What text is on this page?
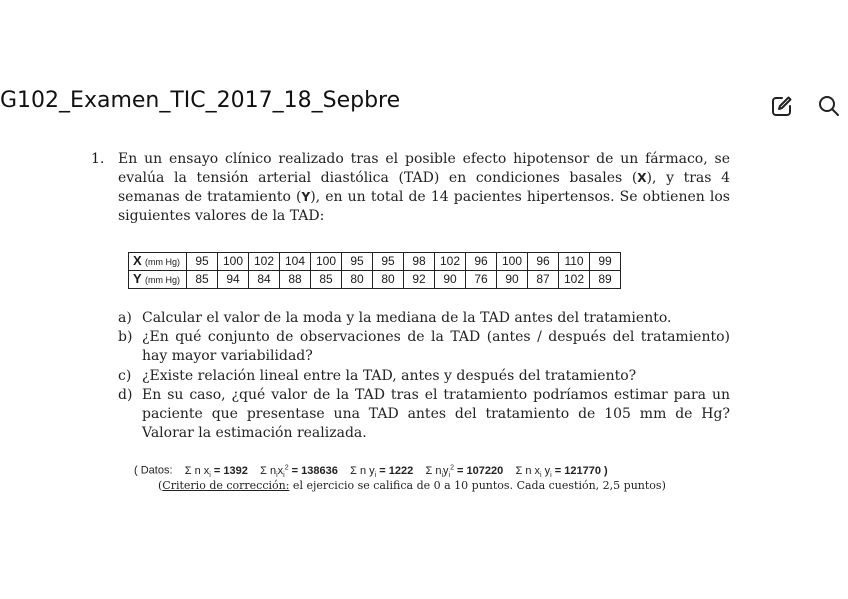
G102_Examen_TIC_2017_18_Sepbre
1. En un ensayo clínico realizado tras el posible efecto hipotensor de un fármaco, se evalúa la tensión arterial diastólica (TAD) en condiciones basales (X), y tras 4 semanas de tratamiento (Y), en un total de 14 pacientes hipertensos. Se obtienen los siguientes valores de la TAD:
X (mm Hg)	95	100	102	104	100	95	95	98	102	96	100	96	110	99
Y (mm Hg)	85	94	84	88	85	80	80	92	90	76	90	87	102	89
a) Calcular el valor de la moda y la mediana de la TAD antes del tratamiento.
b) ¿En qué conjunto de observaciones de la TAD (antes / después del tratamiento) hay mayor variabilidad?
c) ¿Existe relación lineal entre la TAD, antes y después del tratamiento?
d) En su caso, ¿qué valor de la TAD tras el tratamiento podríamos estimar para un paciente que presentase una TAD antes del tratamiento de 105 mm de Hg? Valorar la estimación realizada.
( Datos: Σ n $x_i = 1392$ Σ $n_ix_i^2 = 138636$ Σ n $y_i = 1222$ Σ $n_iy_i^2 = 107220$ Σ n $x_i$ $y_i = 121770$ )
(Criterio de corrección: el ejercicio se califica de 0 a 10 puntos. Cada cuestión, 2,5 puntos)
